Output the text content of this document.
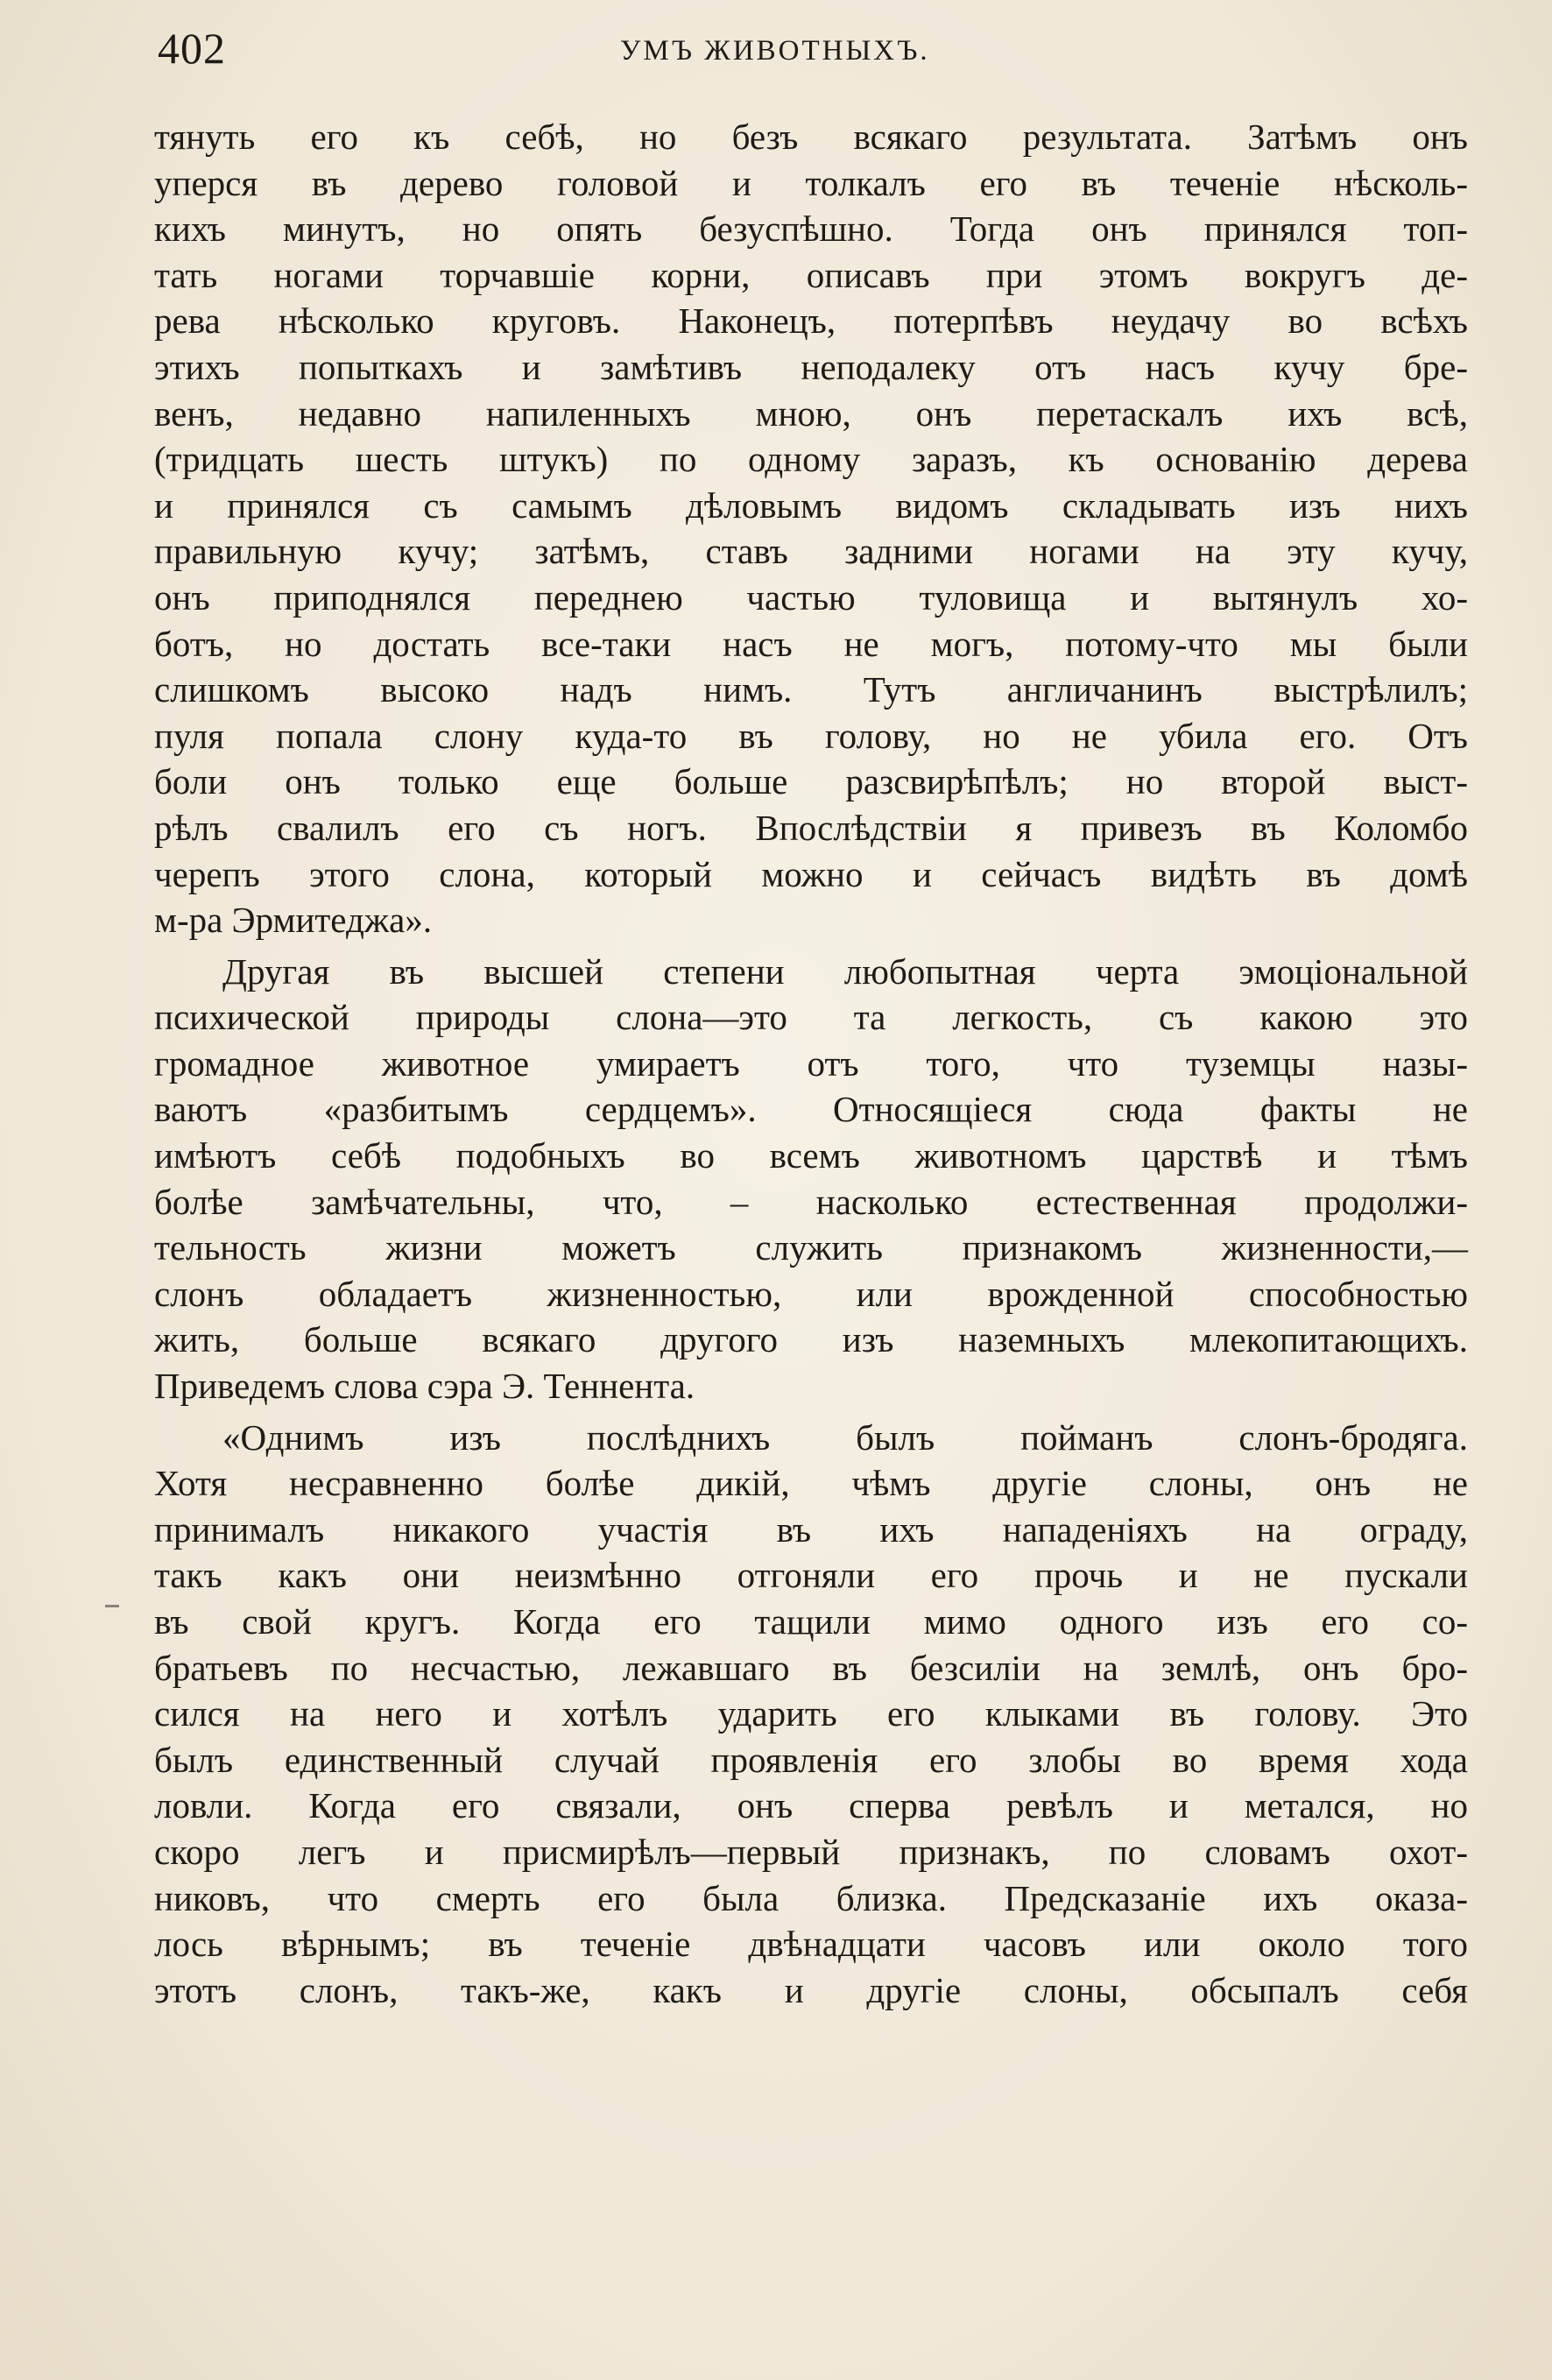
402	УМЪ ЖИВОТНЫХЪ.
тянуть его къ себѣ, но безъ всякаго результата. Затѣмъ онъ
уперся въ дерево головой и толкалъ его въ теченіе нѣсколь-
кихъ минутъ, но опять безуспѣшно. Тогда онъ принялся топ-
тать ногами торчавшіе корни, описавъ при этомъ вокругъ де-
рева нѣсколько круговъ. Наконецъ, потерпѣвъ неудачу во всѣхъ
этихъ попыткахъ и замѣтивъ неподалеку отъ насъ кучу бре-
венъ, недавно напиленныхъ мною, онъ перетаскалъ ихъ всѣ,
(тридцать шесть штукъ) по одному заразъ, къ основанію дерева
и принялся съ самымъ дѣловымъ видомъ складывать изъ нихъ
правильную кучу; затѣмъ, ставъ задними ногами на эту кучу,
онъ приподнялся переднею частью туловища и вытянулъ хо-
ботъ, но достать все-таки насъ не могъ, потому-что мы были
слишкомъ высоко надъ нимъ. Тутъ англичанинъ выстрѣлилъ;
пуля попала слону куда-то въ голову, но не убила его. Отъ
боли онъ только еще больше разсвирѣпѣлъ; но второй выст-
рѣлъ свалилъ его съ ногъ. Впослѣдствіи я привезъ въ Коломбо
черепъ этого слона, который можно и сейчасъ видѣть въ домѣ
м-ра Эрмитеджа».
Другая въ высшей степени любопытная черта эмоціональной
психической природы слона—это та легкость, съ какою это
громадное животное умираетъ отъ того, что туземцы назы-
ваютъ «разбитымъ сердцемъ». Относящіеся сюда факты не
имѣютъ себѣ подобныхъ во всемъ животномъ царствѣ и тѣмъ
болѣе замѣчательны, что, – насколько естественная продолжи-
тельность жизни можетъ служить признакомъ жизненности,—
слонъ обладаетъ жизненностью, или врожденной способностью
жить, больше всякаго другого изъ наземныхъ млекопитающихъ.
Приведемъ слова сэра Э. Теннента.
«Однимъ изъ послѣднихъ былъ пойманъ слонъ-бродяга.
Хотя несравненно болѣе дикій, чѣмъ другіе слоны, онъ не
принималъ никакого участія въ ихъ нападеніяхъ на ограду,
такъ какъ они неизмѣнно отгоняли его прочь и не пускали
въ свой кругъ. Когда его тащили мимо одного изъ его со-
братьевъ по несчастью, лежавшаго въ безсиліи на землѣ, онъ бро-
сился на него и хотѣлъ ударить его клыками въ голову. Это
былъ единственный случай проявленія его злобы во время хода
ловли. Когда его связали, онъ сперва ревѣлъ и метался, но
скоро легъ и присмирѣлъ—первый признакъ, по словамъ охот-
никовъ, что смерть его была близка. Предсказаніе ихъ оказа-
лось вѣрнымъ; въ теченіе двѣнадцати часовъ или около того
этотъ слонъ, такъ-же, какъ и другіе слоны, обсыпалъ себя
